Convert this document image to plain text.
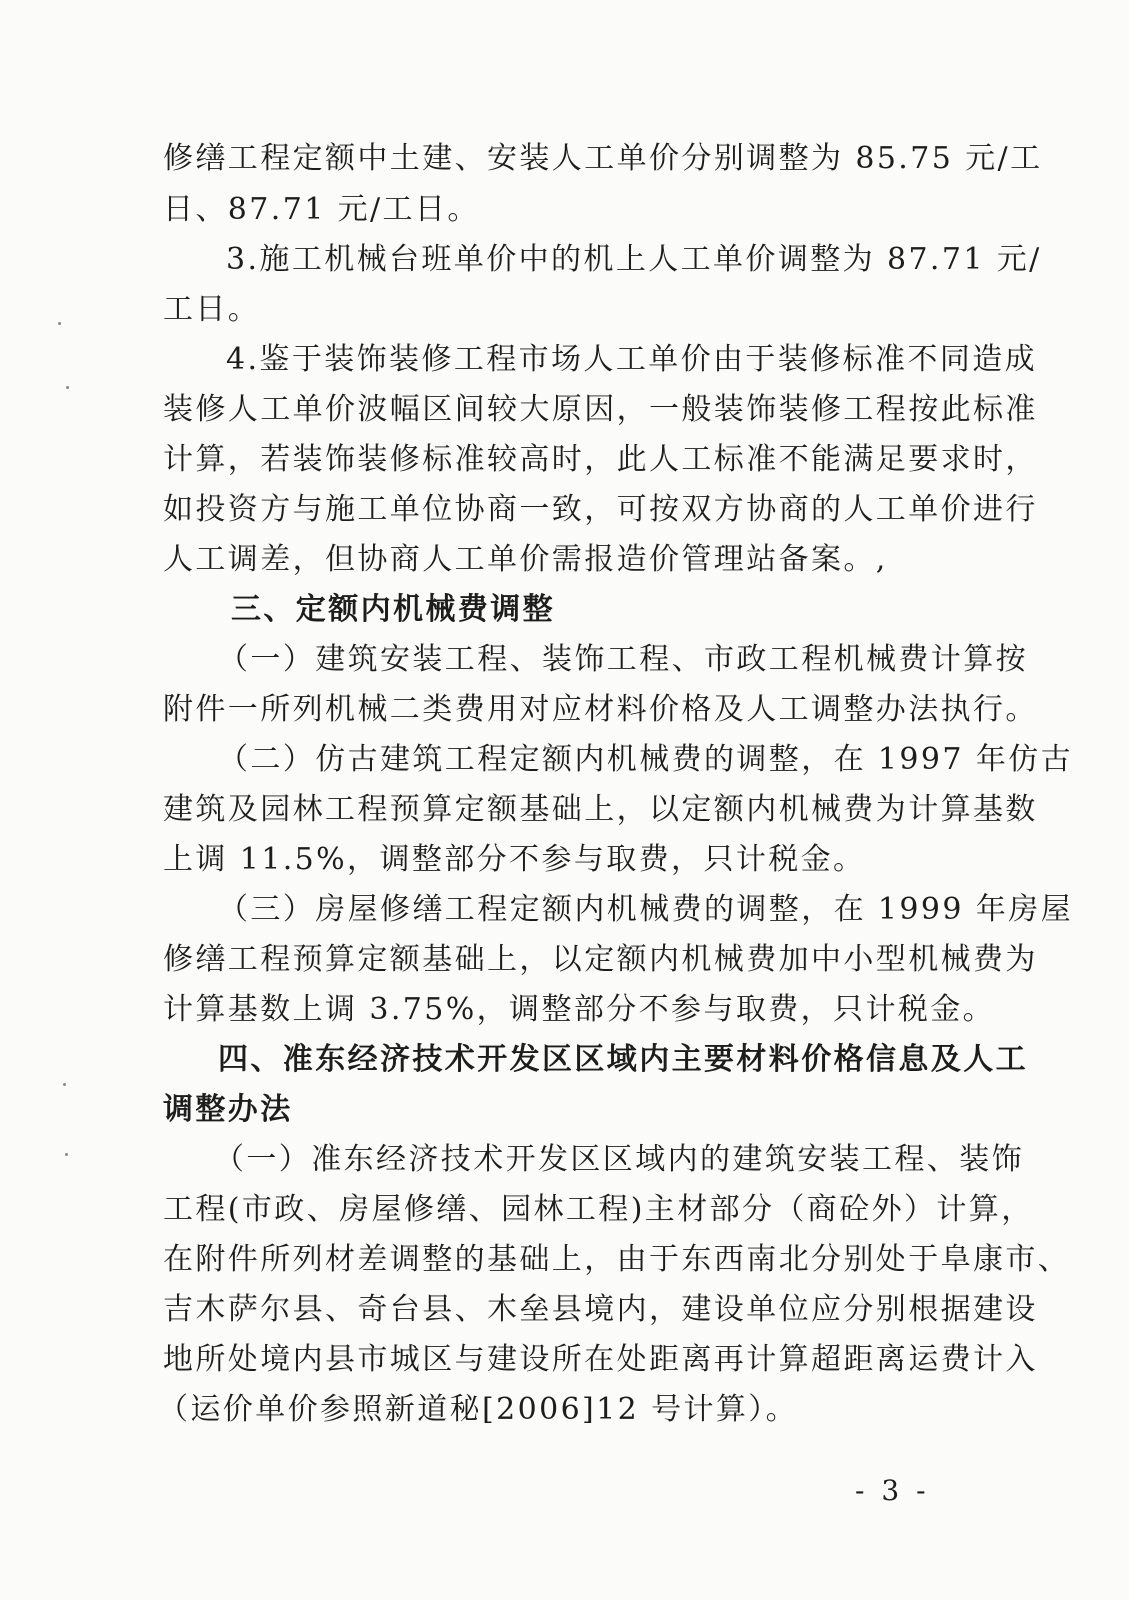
修缮工程定额中土建、安装人工单价分别调整为 85.75 元/工

日、87.71 元/工日。

3.施工机械台班单价中的机上人工单价调整为 87.71 元/

工日。

4.鉴于装饰装修工程市场人工单价由于装修标准不同造成

装修人工单价波幅区间较大原因，一般装饰装修工程按此标准

计算，若装饰装修标准较高时，此人工标准不能满足要求时，

如投资方与施工单位协商一致，可按双方协商的人工单价进行

人工调差，但协商人工单价需报造价管理站备案。,

三、定额内机械费调整

（一）建筑安装工程、装饰工程、市政工程机械费计算按

附件一所列机械二类费用对应材料价格及人工调整办法执行。

（二）仿古建筑工程定额内机械费的调整，在 1997 年仿古

建筑及园林工程预算定额基础上，以定额内机械费为计算基数

上调 11.5%，调整部分不参与取费，只计税金。

（三）房屋修缮工程定额内机械费的调整，在 1999 年房屋

修缮工程预算定额基础上，以定额内机械费加中小型机械费为

计算基数上调 3.75%，调整部分不参与取费，只计税金。

四、准东经济技术开发区区域内主要材料价格信息及人工

调整办法

（一）准东经济技术开发区区域内的建筑安装工程、装饰

工程(市政、房屋修缮、园林工程)主材部分（商砼外）计算，

在附件所列材差调整的基础上，由于东西南北分别处于阜康市、

吉木萨尔县、奇台县、木垒县境内，建设单位应分别根据建设

地所处境内县市城区与建设所在处距离再计算超距离运费计入

（运价单价参照新道秘[2006]12 号计算）。

- 3 -
